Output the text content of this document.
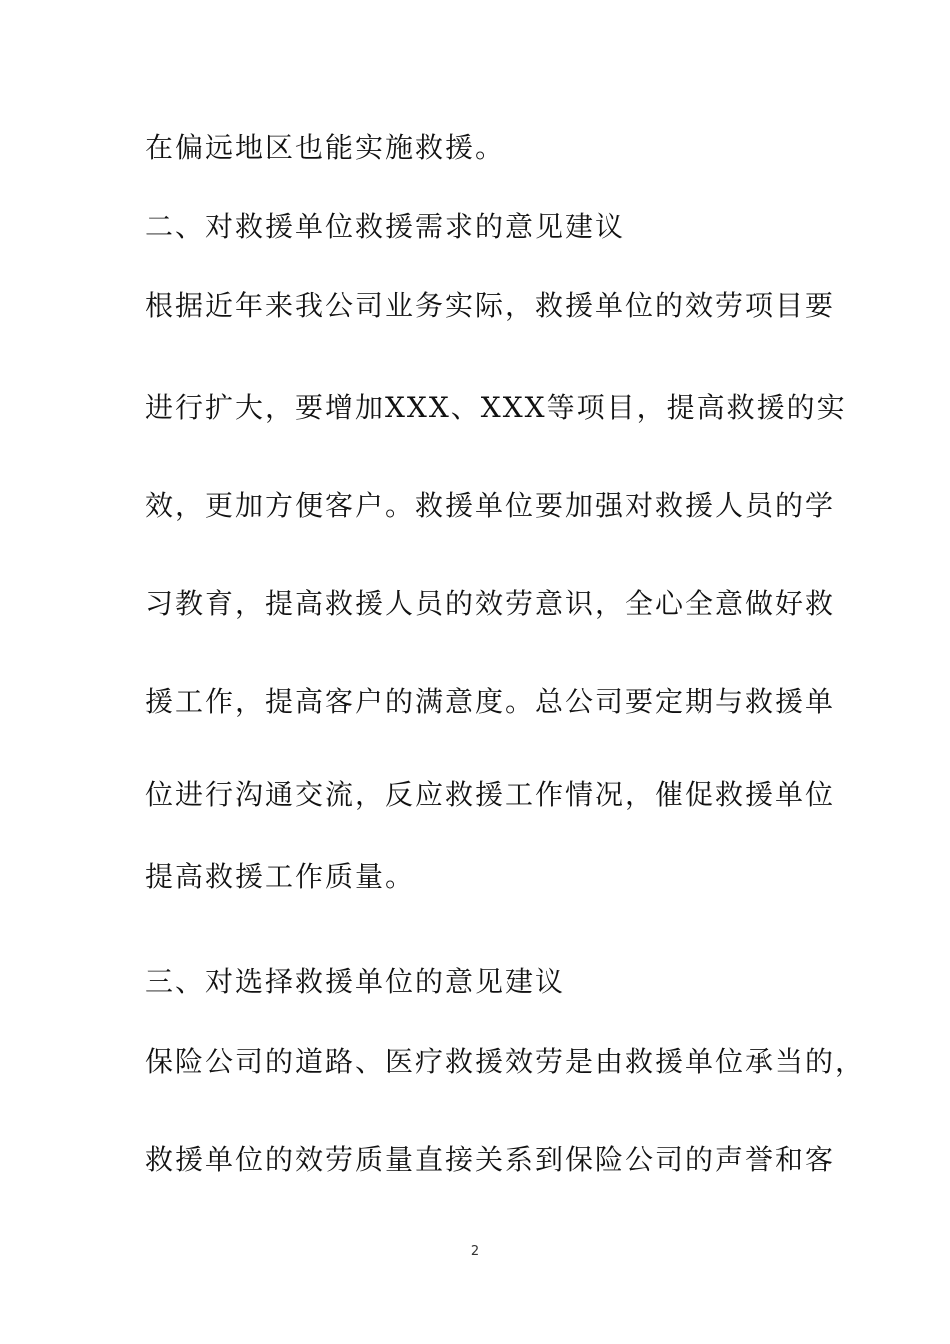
在偏远地区也能实施救援。
二、对救援单位救援需求的意见建议
根据近年来我公司业务实际，救援单位的效劳项目要
进行扩大，要增加XXX、XXX等项目，提高救援的实
效，更加方便客户。救援单位要加强对救援人员的学
习教育，提高救援人员的效劳意识，全心全意做好救
援工作，提高客户的满意度。总公司要定期与救援单
位进行沟通交流，反应救援工作情况，催促救援单位
提高救援工作质量。
三、对选择救援单位的意见建议
保险公司的道路、医疗救援效劳是由救援单位承当的，
救援单位的效劳质量直接关系到保险公司的声誉和客
2
